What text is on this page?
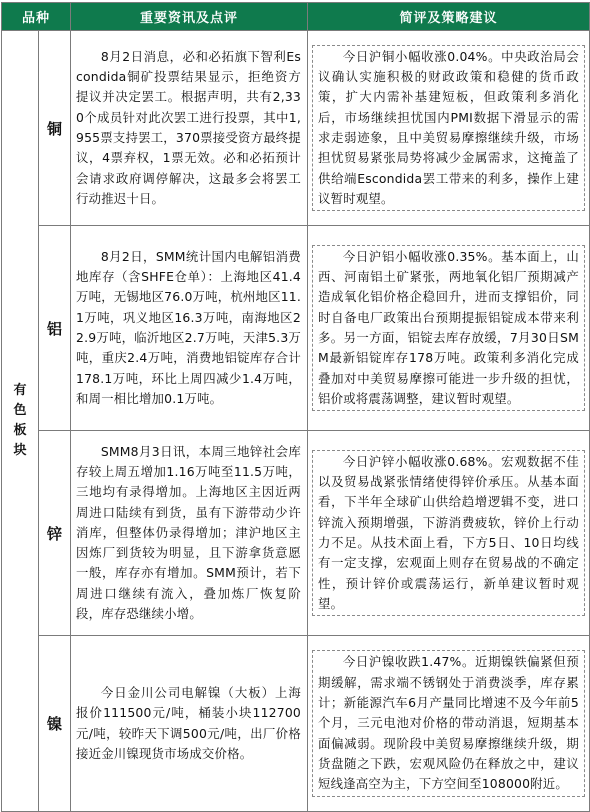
品种		重要资讯及点评	简评及策略建议

有色板块	铜	8月2日消息，必和必拓旗下智利Escondida铜矿投票结果显示，拒绝资方提议并决定罢工。根据声明，共有2,330个成员针对此次罢工进行投票，其中1,955票支持罢工，370票接受资方最终提议，4票弃权，1票无效。必和必拓预计会请求政府调停解决，这最多会将罢工行动推迟十日。	今日沪铜小幅收涨0.04%。中央政治局会议确认实施积极的财政政策和稳健的货币政策，扩大内需补基建短板，但政策利多消化后，市场继续担忧国内PMI数据下滑显示的需求走弱迹象，且中美贸易摩擦继续升级，市场担忧贸易紧张局势将减少金属需求，这掩盖了供给端Escondida罢工带来的利多，操作上建议暂时观望。

	铝	8月2日，SMM统计国内电解铝消费地库存（含SHFE仓单）：上海地区41.4万吨，无锡地区76.0万吨，杭州地区11.1万吨，巩义地区16.3万吨，南海地区22.9万吨，临沂地区2.7万吨，天津5.3万吨，重庆2.4万吨，消费地铝锭库存合计178.1万吨，环比上周四减少1.4万吨，和周一相比增加0.1万吨。	今日沪铝小幅收涨0.35%。基本面上，山西、河南铝土矿紧张，两地氧化铝厂预期减产造成氧化铝价格企稳回升，进而支撑铝价，同时自备电厂政策出台预期提振铝锭成本带来利多。另一方面，铝锭去库存放缓，7月30日SMM最新铝锭库存178万吨。政策利多消化完成叠加对中美贸易摩擦可能进一步升级的担忧，铝价或将震荡调整，建议暂时观望。

	锌	SMM8月3日讯，本周三地锌社会库存较上周五增加1.16万吨至11.5万吨，三地均有录得增加。上海地区主因近两周进口陆续有到货，虽有下游带动少许消库，但整体仍录得增加；津沪地区主因炼厂到货较为明显，且下游拿货意愿一般，库存亦有增加。SMM预计，若下周进口继续有流入，叠加炼厂恢复阶段，库存恐继续小增。	今日沪锌小幅收涨0.68%。宏观数据不佳以及贸易战紧张情绪使得锌价承压。从基本面看，下半年全球矿山供给趋增逻辑不变，进口锌流入预期增强，下游消费疲软，锌价上行动力不足。从技术面上看，下方5日、10日均线有一定支撑，宏观面上则存在贸易战的不确定性，预计锌价或震荡运行，新单建议暂时观望。

	镍	今日金川公司电解镍（大板）上海报价111500元/吨，桶装小块112700元/吨，较昨天下调500元/吨，出厂价格接近金川镍现货市场成交价格。	今日沪镍收跌1.47%。近期镍铁偏紧但预期缓解，需求端不锈钢处于消费淡季，库存累计；新能源汽车6月产量同比增速不及今年前5个月，三元电池对价格的带动消退，短期基本面偏减弱。现阶段中美贸易摩擦继续升级，期货盘随之下跌，宏观风险仍在释放之中，建议短线逢高空为主，下方空间至108000附近。
